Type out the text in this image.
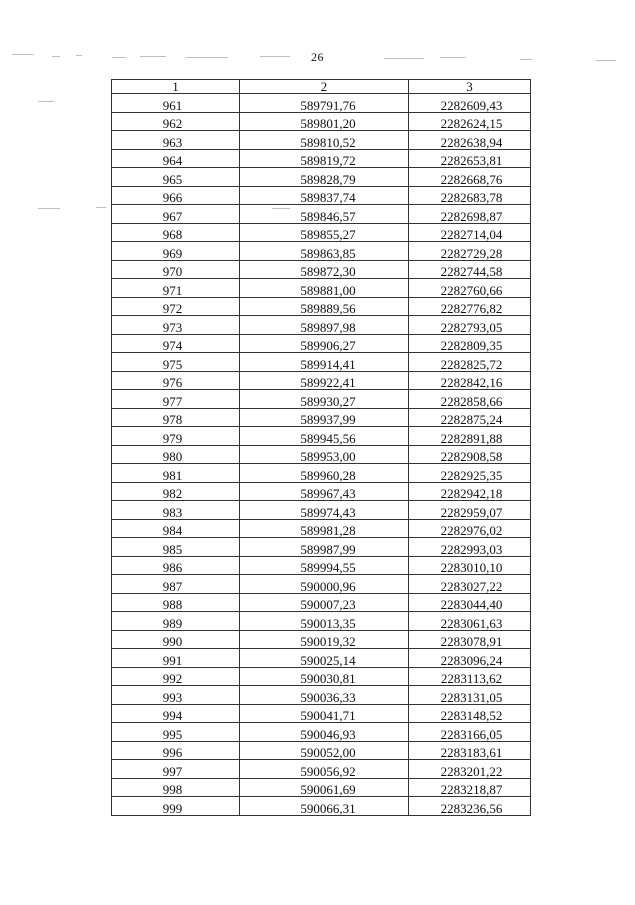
26
1	2	3
961	589791,76	2282609,43
962	589801,20	2282624,15
963	589810,52	2282638,94
964	589819,72	2282653,81
965	589828,79	2282668,76
966	589837,74	2282683,78
967	589846,57	2282698,87
968	589855,27	2282714,04
969	589863,85	2282729,28
970	589872,30	2282744,58
971	589881,00	2282760,66
972	589889,56	2282776,82
973	589897,98	2282793,05
974	589906,27	2282809,35
975	589914,41	2282825,72
976	589922,41	2282842,16
977	589930,27	2282858,66
978	589937,99	2282875,24
979	589945,56	2282891,88
980	589953,00	2282908,58
981	589960,28	2282925,35
982	589967,43	2282942,18
983	589974,43	2282959,07
984	589981,28	2282976,02
985	589987,99	2282993,03
986	589994,55	2283010,10
987	590000,96	2283027,22
988	590007,23	2283044,40
989	590013,35	2283061,63
990	590019,32	2283078,91
991	590025,14	2283096,24
992	590030,81	2283113,62
993	590036,33	2283131,05
994	590041,71	2283148,52
995	590046,93	2283166,05
996	590052,00	2283183,61
997	590056,92	2283201,22
998	590061,69	2283218,87
999	590066,31	2283236,56
